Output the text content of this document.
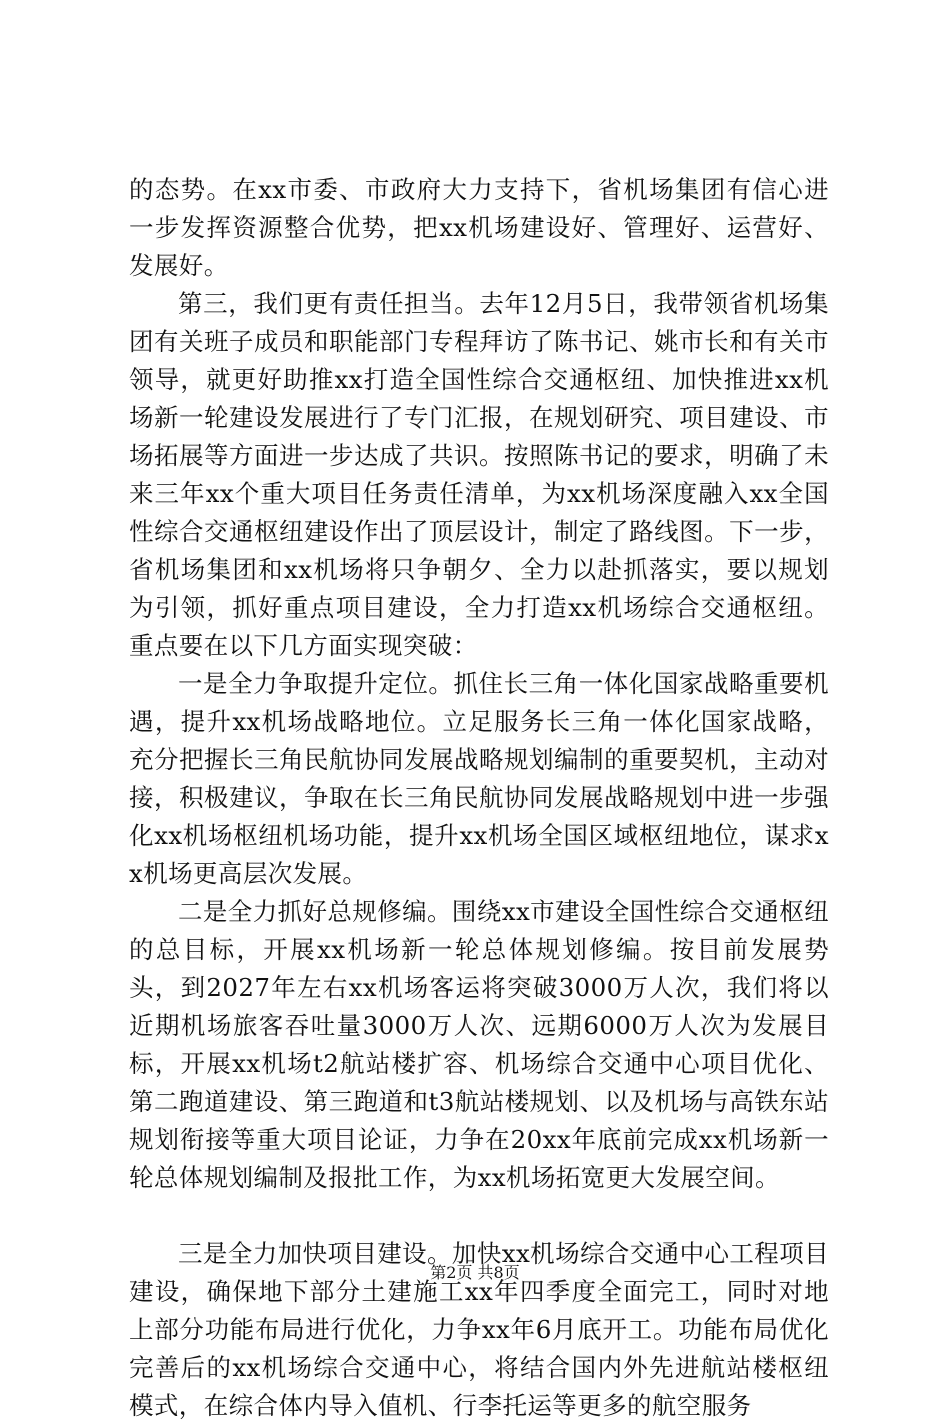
的态势。在xx市委、市政府大力支持下，省机场集团有信心进一步发挥资源整合优势，把xx机场建设好、管理好、运营好、发展好。

第三，我们更有责任担当。去年12月5日，我带领省机场集团有关班子成员和职能部门专程拜访了陈书记、姚市长和有关市领导，就更好助推xx打造全国性综合交通枢纽、加快推进xx机场新一轮建设发展进行了专门汇报，在规划研究、项目建设、市场拓展等方面进一步达成了共识。按照陈书记的要求，明确了未来三年xx个重大项目任务责任清单，为xx机场深度融入xx全国性综合交通枢纽建设作出了顶层设计，制定了路线图。下一步，省机场集团和xx机场将只争朝夕、全力以赴抓落实，要以规划为引领，抓好重点项目建设，全力打造xx机场综合交通枢纽。重点要在以下几方面实现突破：

一是全力争取提升定位。抓住长三角一体化国家战略重要机遇，提升xx机场战略地位。立足服务长三角一体化国家战略，充分把握长三角民航协同发展战略规划编制的重要契机，主动对接，积极建议，争取在长三角民航协同发展战略规划中进一步强化xx机场枢纽机场功能，提升xx机场全国区域枢纽地位，谋求xx机场更高层次发展。

二是全力抓好总规修编。围绕xx市建设全国性综合交通枢纽的总目标，开展xx机场新一轮总体规划修编。按目前发展势头，到2027年左右xx机场客运将突破3000万人次，我们将以近期机场旅客吞吐量3000万人次、远期6000万人次为发展目标，开展xx机场t2航站楼扩容、机场综合交通中心项目优化、第二跑道建设、第三跑道和t3航站楼规划、以及机场与高铁东站规划衔接等重大项目论证，力争在20xx年底前完成xx机场新一轮总体规划编制及报批工作，为xx机场拓宽更大发展空间。

三是全力加快项目建设。加快xx机场综合交通中心工程项目建设，确保地下部分土建施工xx年四季度全面完工，同时对地上部分功能布局进行优化，力争xx年6月底开工。功能布局优化完善后的xx机场综合交通中心，将结合国内外先进航站楼枢纽模式，在综合体内导入值机、行李托运等更多的航空服务

第2页 共8页
